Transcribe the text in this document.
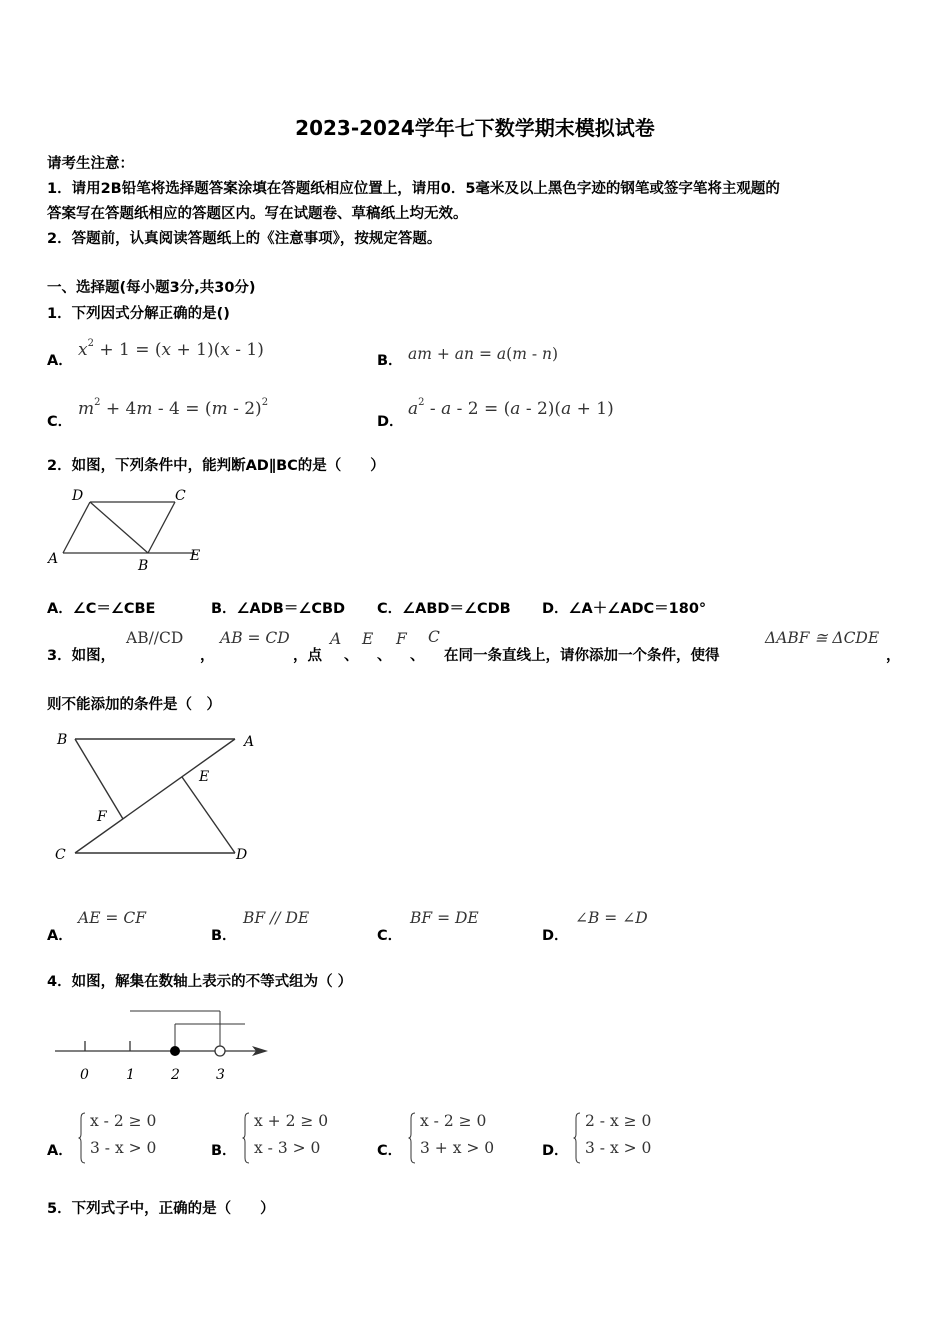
2023-2024学年七下数学期末模拟试卷
请考生注意：
1．请用2B铅笔将选择题答案涂填在答题纸相应位置上，请用0．5毫米及以上黑色字迹的钢笔或签字笔将主观题的
答案写在答题纸相应的答题区内。写在试题卷、草稿纸上均无效。
2．答题前，认真阅读答题纸上的《注意事项》，按规定答题。
一、选择题(每小题3分,共30分)
1．下列因式分解正确的是()
A．
$x^2 + 1 = (x + 1)(x - 1)$
B． am + an = a(m - n)
C．
$m^2 + 4m - 4 = (m - 2)^2$
D．
$a^2 - a - 2 = (a - 2)(a + 1)$
2．如图，下列条件中，能判断AD∥BC的是（　　）
D	C
A	B
E
A．∠C＝∠CBE	B．∠ADB＝∠CBD C．∠ABD＝∠CDB D．∠A＋∠ADC＝180°
3．如图，
AB//CD
，
AB = CD
，点
A
、
E
、
F
、
C
在同一条直线上，请你添加一个条件，使得
ΔABF ≅ ΔCDE
，
则不能添加的条件是（　）
B	A
E
F
C	D
A．
AE = CF
B．
BF // DE
C．
BF = DE
D．
∠B = ∠D
4．如图，解集在数轴上表示的不等式组为（ ）
0	1	2	3
A．
x - 2 ≥ 0
3 - x > 0	B．
x + 2 ≥ 0
x - 3 > 0	C．
x - 2 ≥ 0
3 + x > 0	D．
2 - x ≥ 0
3 - x > 0
5．下列式子中，正确的是（　　）
